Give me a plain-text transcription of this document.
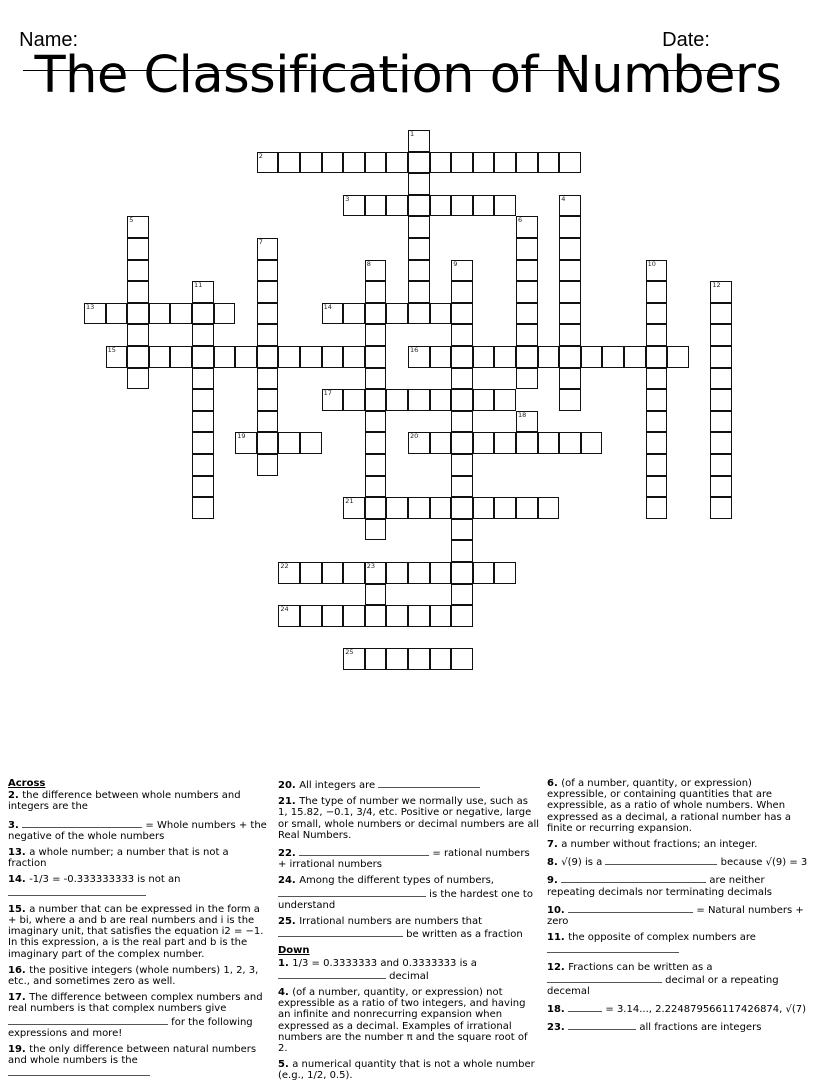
Name:
	Date:

The Classification of Numbers
1
2
3	4
5	6
7
8	9	10
11	12
13	14
15	16
17
18
19	20
21
22	23
24
25
Across
2. the difference between whole numbers and integers are the
3.	= Whole numbers + the negative of the whole numbers
13. a whole number; a number that is not a fraction
14. -1/3 = -0.333333333 is not an

15. a number that can be expressed in the form a + bi, where a and b are real numbers and i is the imaginary unit, that satisfies the equation i2 = −1. In this expression, a is the real part and b is the imaginary part of the complex number.
16. the positive integers (whole numbers) 1, 2, 3, etc., and sometimes zero as well.
17. The difference between complex numbers and real numbers is that complex numbers give
for the following expressions and more!
19. the only difference between natural numbers and whole numbers is the
20. All integers are
21. The type of number we normally use, such as 1, 15.82, −0.1, 3/4, etc. Positive or negative, large or small, whole numbers or decimal numbers are all Real Numbers.
22.	= rational numbers + irrational numbers
24. Among the different types of numbers,
is the hardest one to understand
25. Irrational numbers are numbers that
be written as a fraction
Down
1. 1/3 = 0.3333333 and 0.3333333 is a
decimal
4. (of a number, quantity, or expression) not expressible as a ratio of two integers, and having an infinite and nonrecurring expansion when expressed as a decimal. Examples of irrational numbers are the number π and the square root of 2.
5. a numerical quantity that is not a whole number (e.g., 1/2, 0.5).
6. (of a number, quantity, or expression) expressible, or containing quantities that are expressible, as a ratio of whole numbers. When expressed as a decimal, a rational number has a finite or recurring expansion.
7. a number without fractions; an integer.
8. √(9) is a	because √(9) = 3
9.	are neither repeating decimals nor terminating decimals
10.	= Natural numbers + zero
11. the opposite of complex numbers are
12. Fractions can be written as a
decimal or a repeating decemal
18.	= 3.14..., 2.224879566117426874, √(7)
23.	all fractions are integers
